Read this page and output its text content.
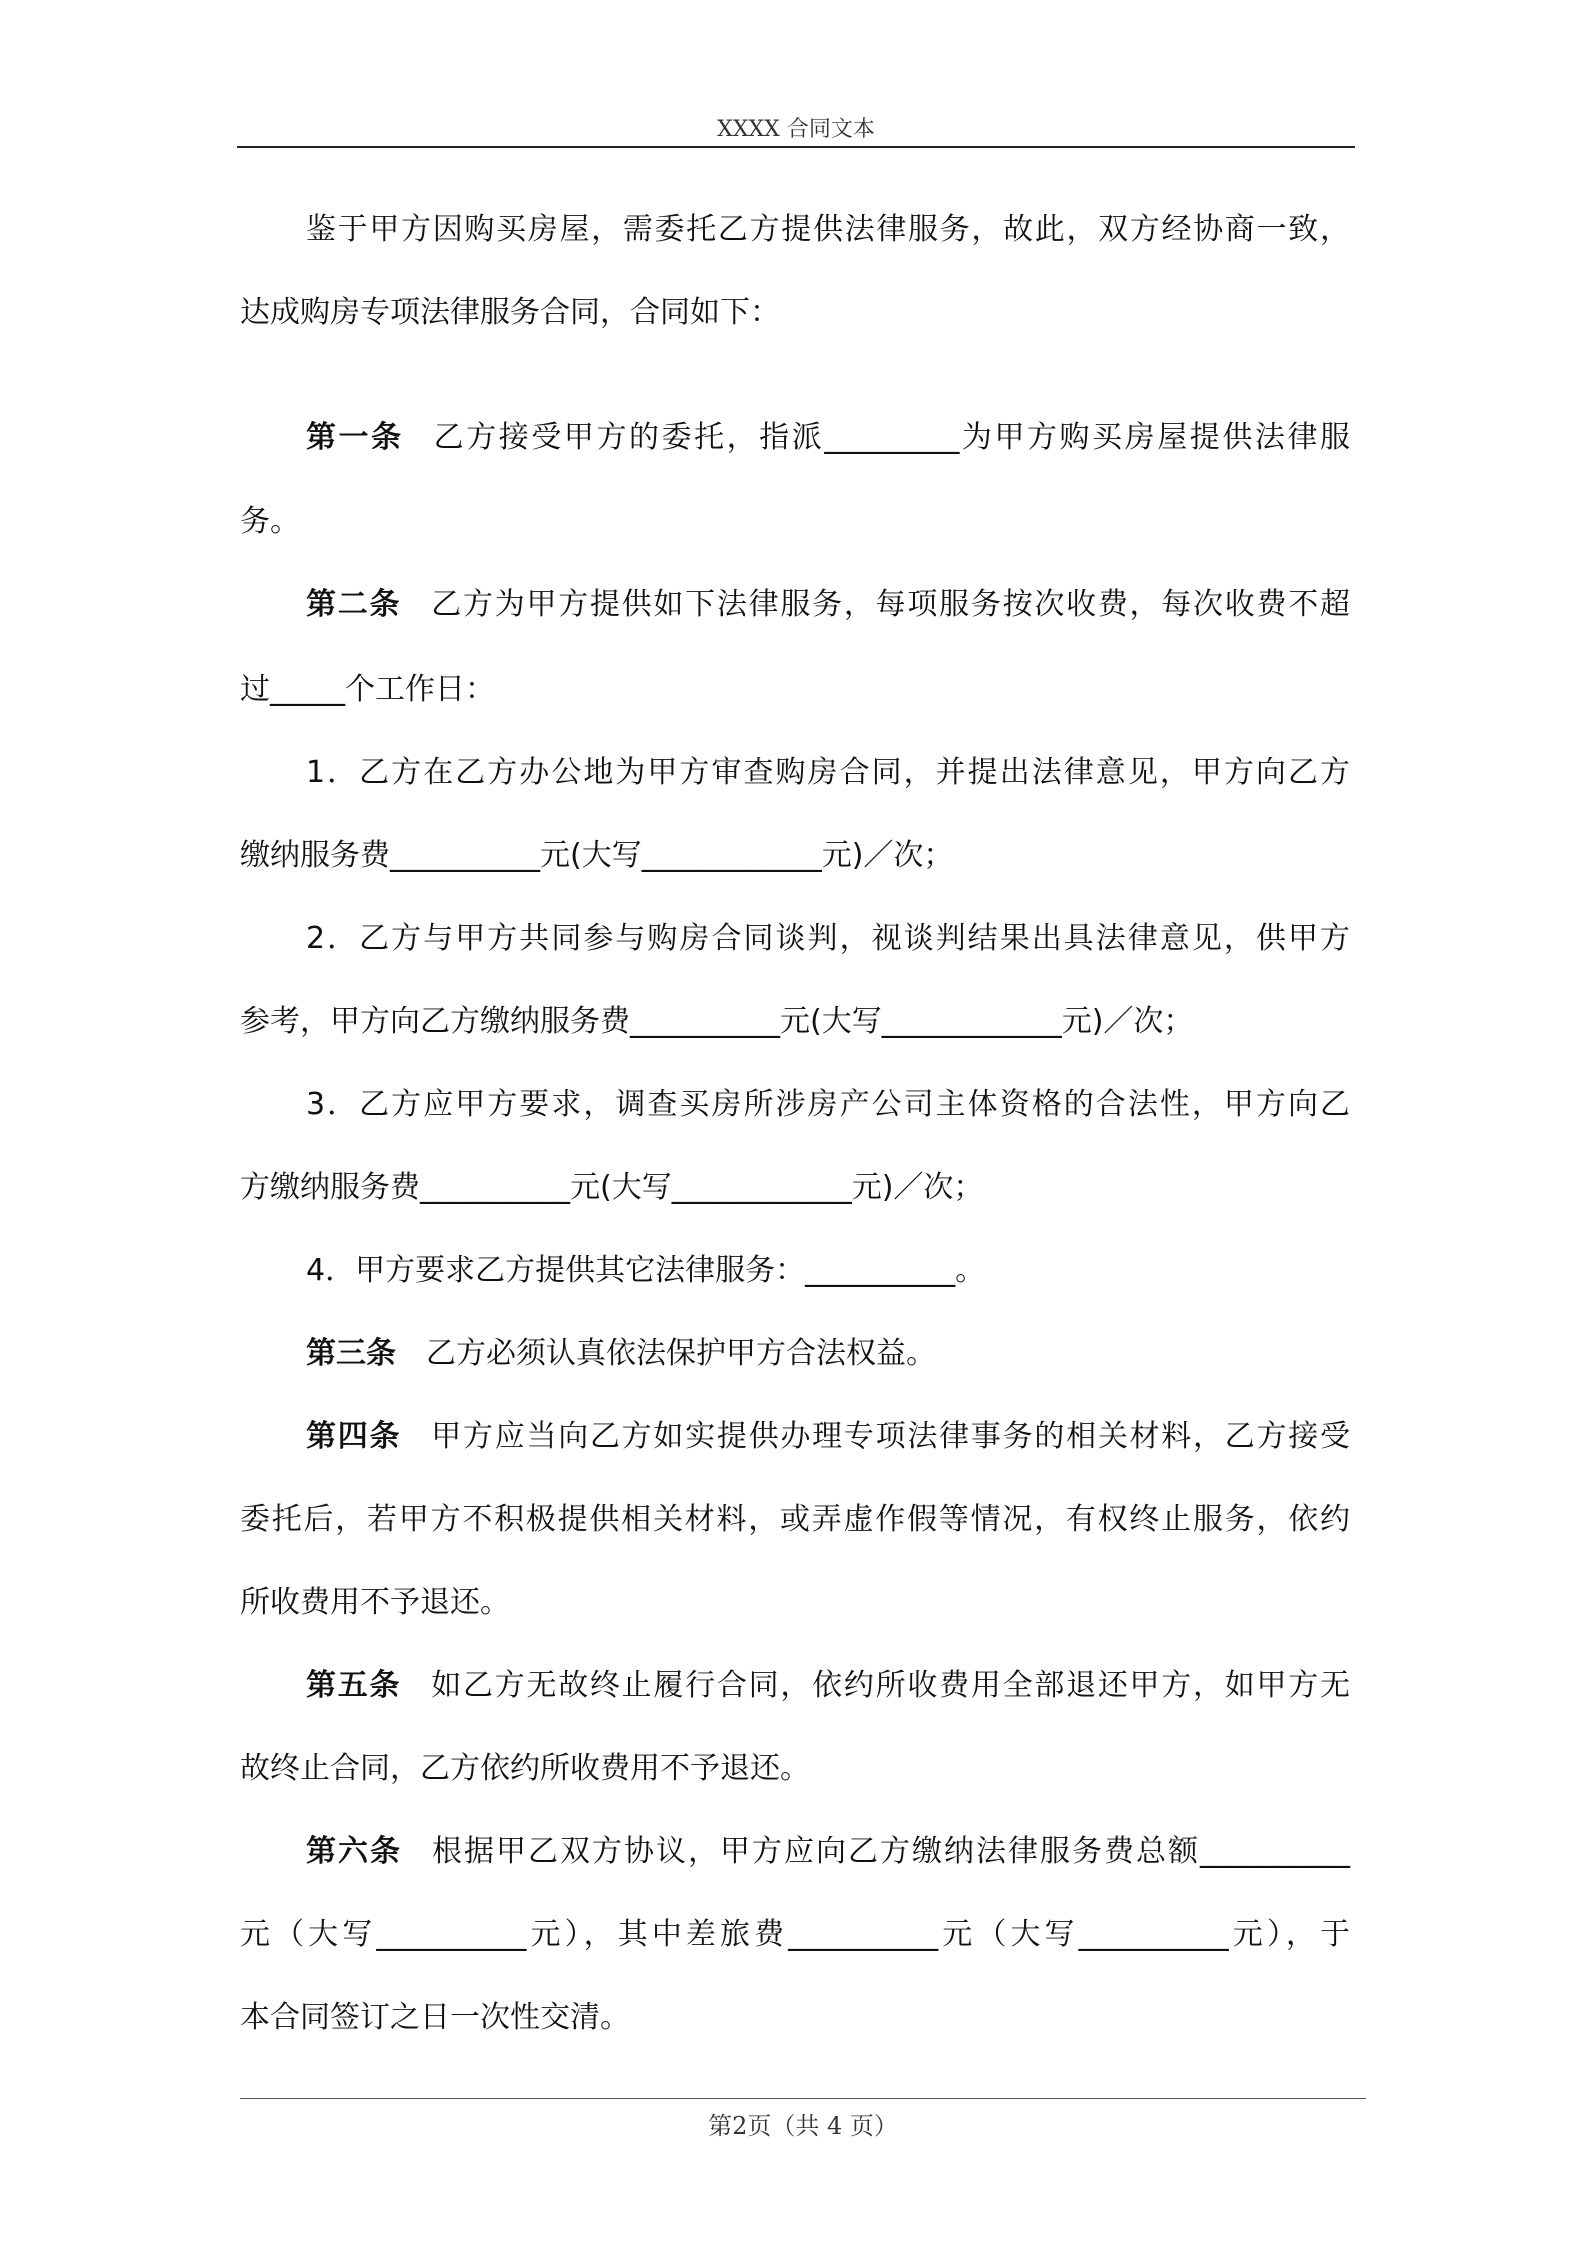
XXXX 合同文本
鉴于甲方因购买房屋，需委托乙方提供法律服务，故此，双方经协商一致，
达成购房专项法律服务合同，合同如下：
第一条 乙方接受甲方的委托，指派_________为甲方购买房屋提供法律服
务。
第二条 乙方为甲方提供如下法律服务，每项服务按次收费，每次收费不超
过_____个工作日：
1．乙方在乙方办公地为甲方审查购房合同，并提出法律意见，甲方向乙方
缴纳服务费__________元(大写____________元)／次；
2．乙方与甲方共同参与购房合同谈判，视谈判结果出具法律意见，供甲方
参考，甲方向乙方缴纳服务费__________元(大写____________元)／次；
3．乙方应甲方要求，调查买房所涉房产公司主体资格的合法性，甲方向乙
方缴纳服务费__________元(大写____________元)／次；
4．甲方要求乙方提供其它法律服务：__________。
第三条 乙方必须认真依法保护甲方合法权益。
第四条 甲方应当向乙方如实提供办理专项法律事务的相关材料，乙方接受
委托后，若甲方不积极提供相关材料，或弄虚作假等情况，有权终止服务，依约
所收费用不予退还。
第五条 如乙方无故终止履行合同，依约所收费用全部退还甲方，如甲方无
故终止合同，乙方依约所收费用不予退还。
第六条 根据甲乙双方协议，甲方应向乙方缴纳法律服务费总额__________
元（大写__________元），其中差旅费__________元（大写__________元），于
本合同签订之日一次性交清。
第2页（共 4 页）
